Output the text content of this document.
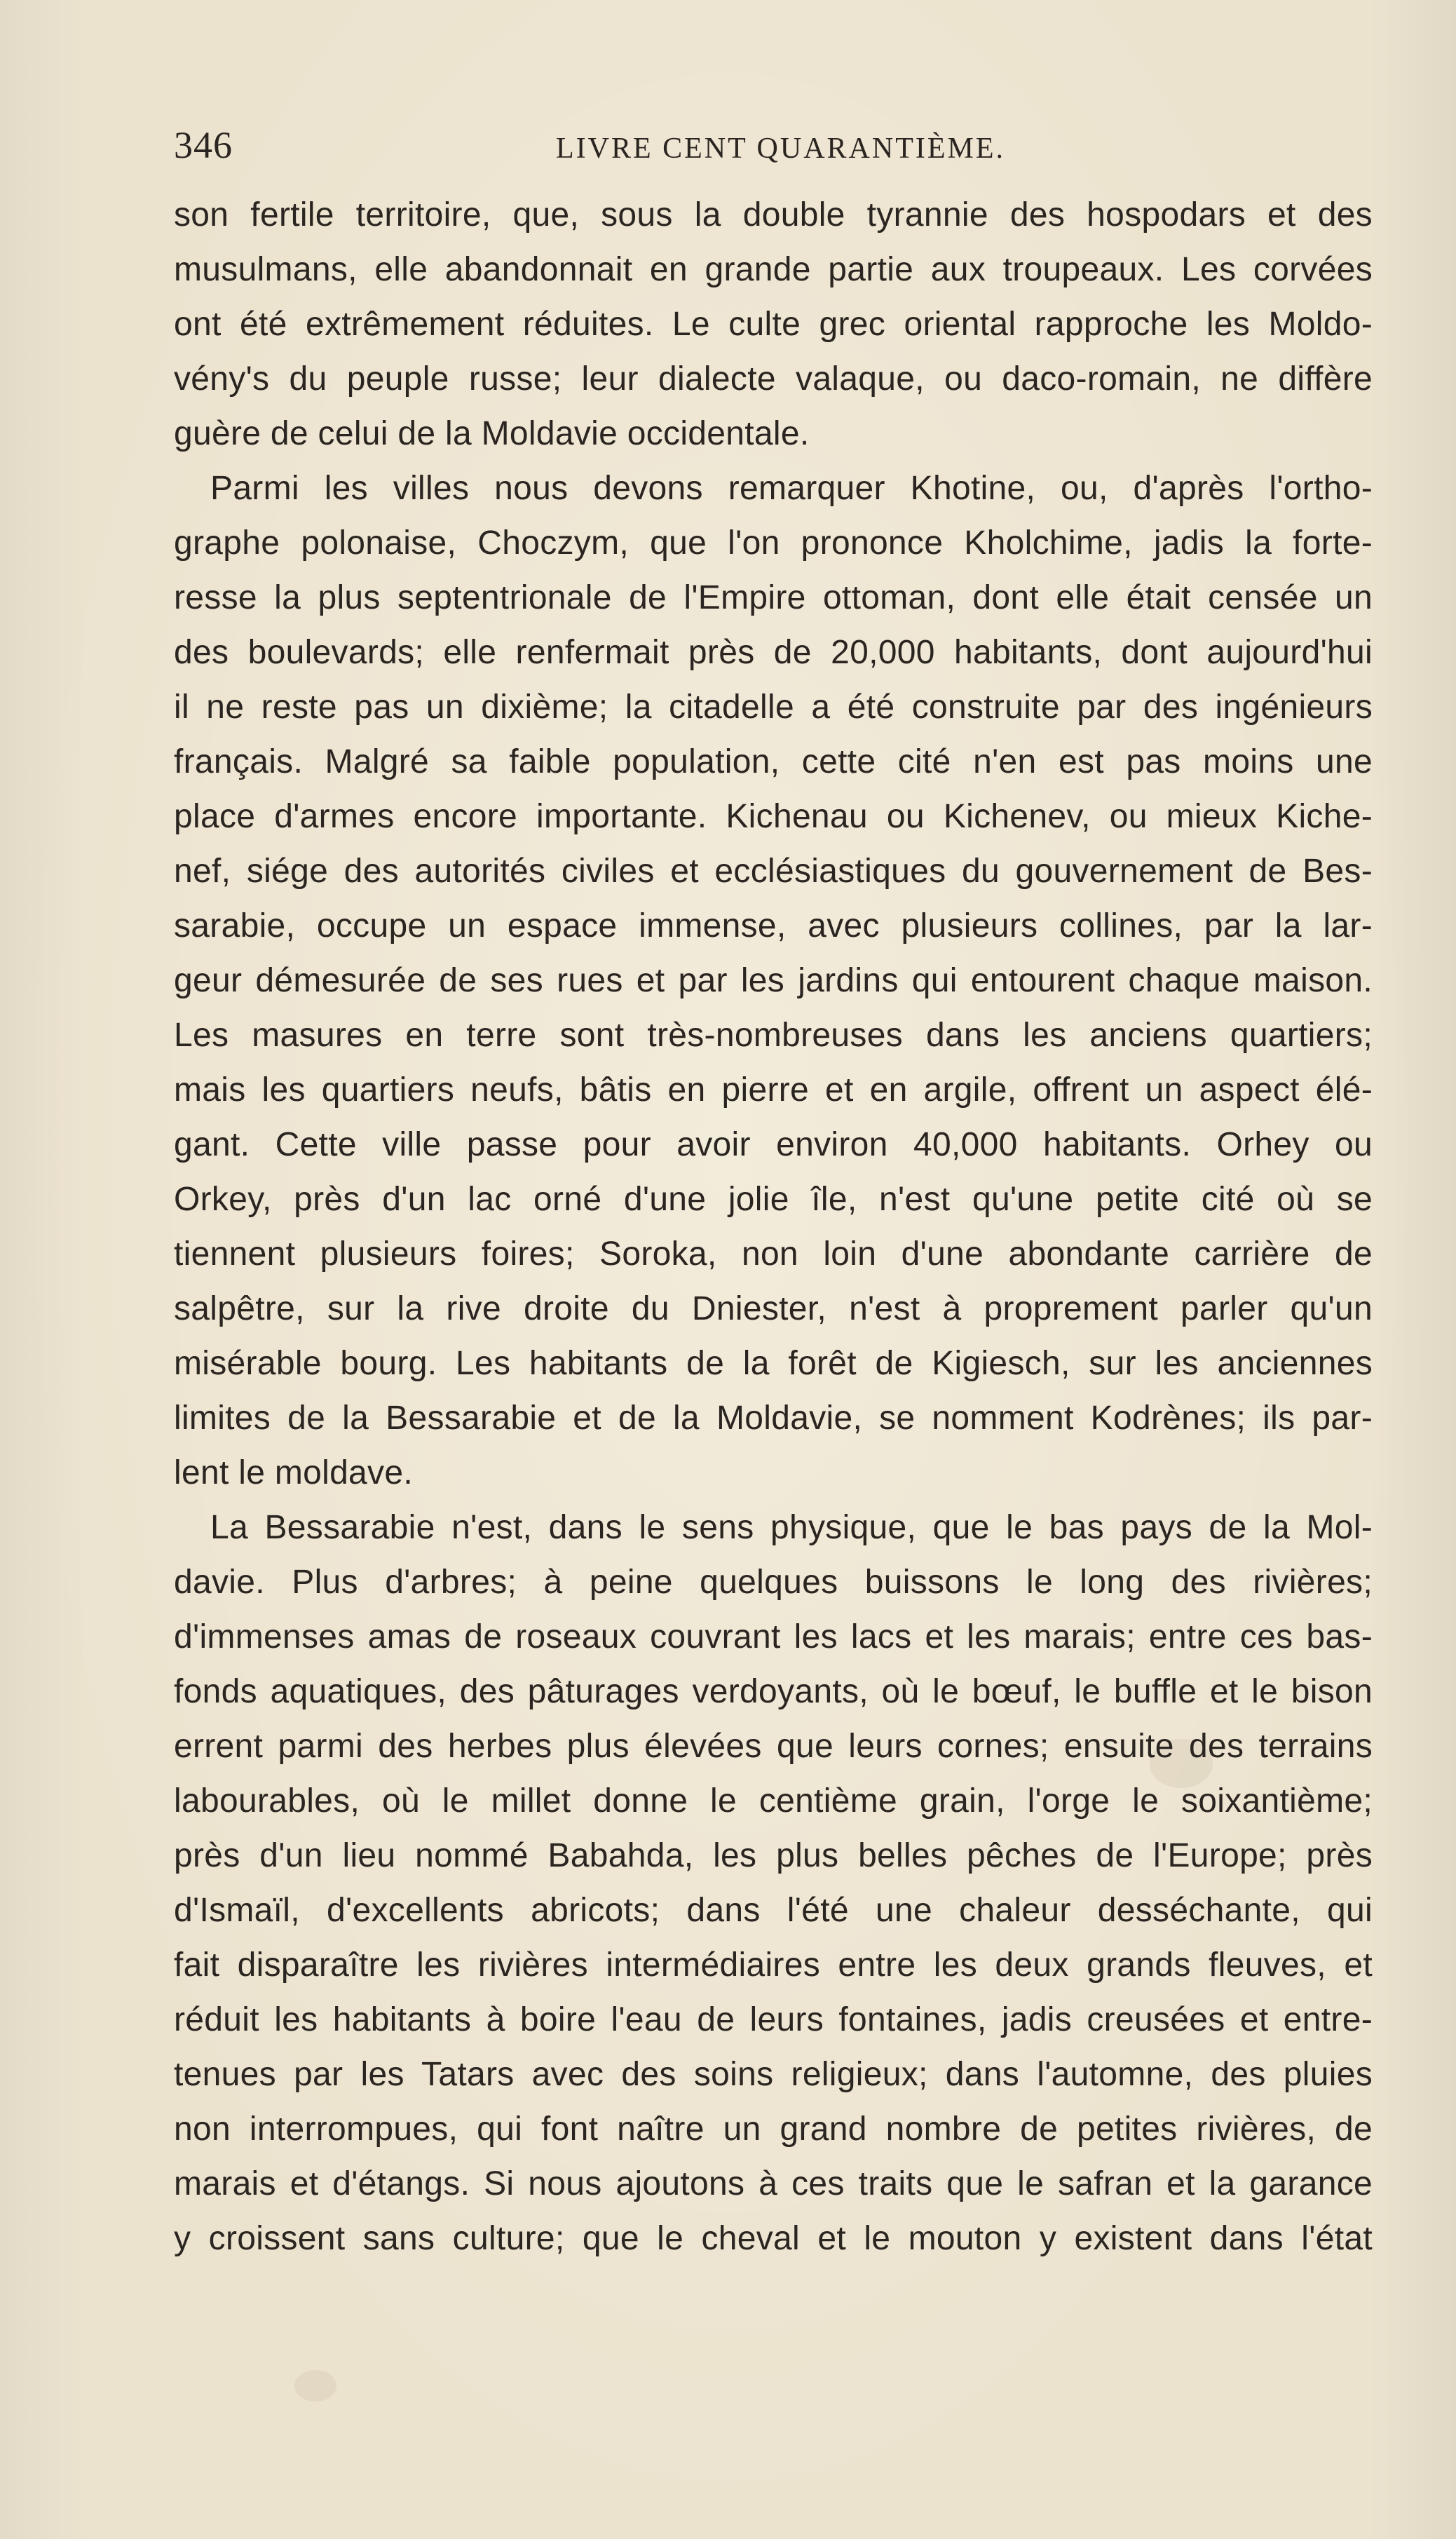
346	LIVRE CENT QUARANTIÈME.
son fertile territoire, que, sous la double tyrannie des hospodars et des
musulmans, elle abandonnait en grande partie aux troupeaux. Les corvées
ont été extrêmement réduites. Le culte grec oriental rapproche les Moldo-
vény's du peuple russe; leur dialecte valaque, ou daco-romain, ne diffère
guère de celui de la Moldavie occidentale.
Parmi les villes nous devons remarquer Khotine, ou, d'après l'ortho-
graphe polonaise, Choczym, que l'on prononce Kholchime, jadis la forte-
resse la plus septentrionale de l'Empire ottoman, dont elle était censée un
des boulevards; elle renfermait près de 20,000 habitants, dont aujourd'hui
il ne reste pas un dixième; la citadelle a été construite par des ingénieurs
français. Malgré sa faible population, cette cité n'en est pas moins une
place d'armes encore importante. Kichenau ou Kichenev, ou mieux Kiche-
nef, siége des autorités civiles et ecclésiastiques du gouvernement de Bes-
sarabie, occupe un espace immense, avec plusieurs collines, par la lar-
geur démesurée de ses rues et par les jardins qui entourent chaque maison.
Les masures en terre sont très-nombreuses dans les anciens quartiers;
mais les quartiers neufs, bâtis en pierre et en argile, offrent un aspect élé-
gant. Cette ville passe pour avoir environ 40,000 habitants. Orhey ou
Orkey, près d'un lac orné d'une jolie île, n'est qu'une petite cité où se
tiennent plusieurs foires; Soroka, non loin d'une abondante carrière de
salpêtre, sur la rive droite du Dniester, n'est à proprement parler qu'un
misérable bourg. Les habitants de la forêt de Kigiesch, sur les anciennes
limites de la Bessarabie et de la Moldavie, se nomment Kodrènes; ils par-
lent le moldave.
La Bessarabie n'est, dans le sens physique, que le bas pays de la Mol-
davie. Plus d'arbres; à peine quelques buissons le long des rivières;
d'immenses amas de roseaux couvrant les lacs et les marais; entre ces bas-
fonds aquatiques, des pâturages verdoyants, où le bœuf, le buffle et le bison
errent parmi des herbes plus élevées que leurs cornes; ensuite des terrains
labourables, où le millet donne le centième grain, l'orge le soixantième;
près d'un lieu nommé Babahda, les plus belles pêches de l'Europe; près
d'Ismaïl, d'excellents abricots; dans l'été une chaleur desséchante, qui
fait disparaître les rivières intermédiaires entre les deux grands fleuves, et
réduit les habitants à boire l'eau de leurs fontaines, jadis creusées et entre-
tenues par les Tatars avec des soins religieux; dans l'automne, des pluies
non interrompues, qui font naître un grand nombre de petites rivières, de
marais et d'étangs. Si nous ajoutons à ces traits que le safran et la garance
y croissent sans culture; que le cheval et le mouton y existent dans l'état
